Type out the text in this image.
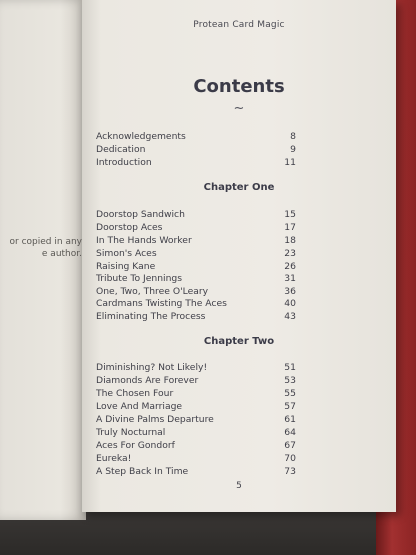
or copied in any
e author.
Protean Card Magic
Contents
~
Acknowledgements	8
Dedication	9
Introduction	11
Chapter One
Doorstop Sandwich	15
Doorstop Aces	17
In The Hands Worker	18
Simon's Aces	23
Raising Kane	26
Tribute To Jennings	31
One, Two, Three O'Leary	36
Cardmans Twisting The Aces	40
Eliminating The Process	43
Chapter Two
Diminishing? Not Likely!	51
Diamonds Are Forever	53
The Chosen Four	55
Love And Marriage	57
A Divine Palms Departure	61
Truly Nocturnal	64
Aces For Gondorf	67
Eureka!	70
A Step Back In Time	73
5
